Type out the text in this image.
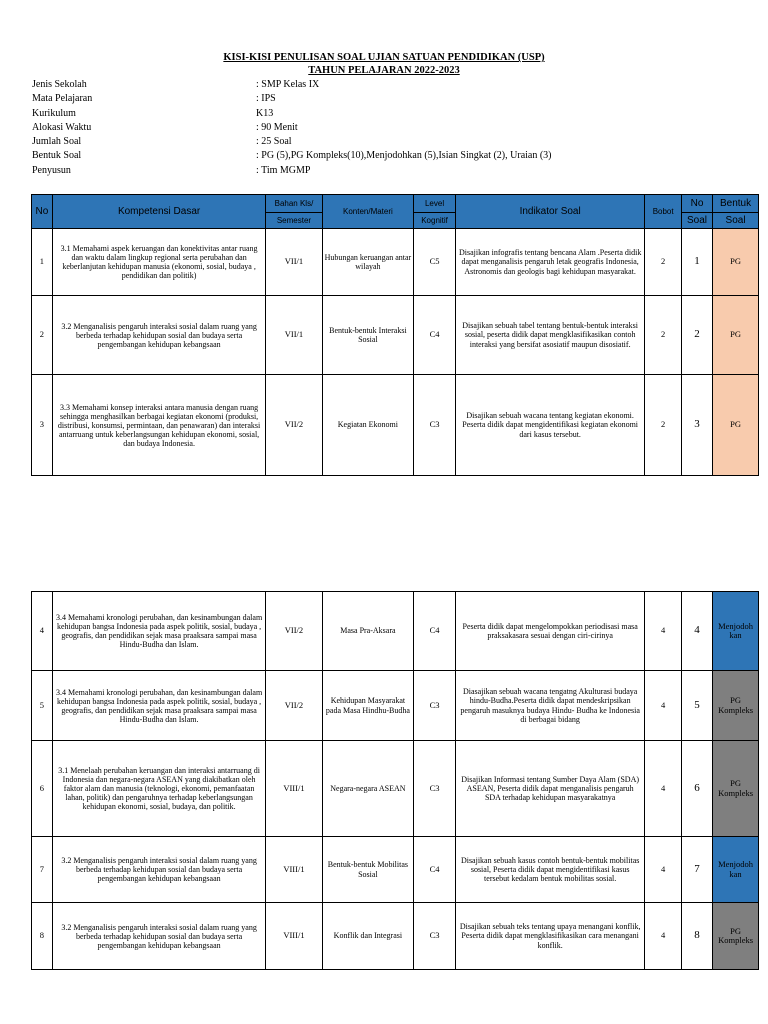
KISI-KISI PENULISAN SOAL UJIAN SATUAN PENDIDIKAN (USP)
TAHUN PELAJARAN 2022-2023
Jenis Sekolah	: SMP Kelas IX
Mata Pelajaran	: IPS
Kurikulum	K13
Alokasi Waktu	: 90 Menit
Jumlah Soal	: 25 Soal
Bentuk Soal	: PG (5),PG Kompleks(10),Menjodohkan (5),Isian Singkat (2), Uraian (3)
Penyusun	: Tim MGMP
No	Kompetensi Dasar	Bahan Kls/	Konten/Materi	Level	Indikator Soal	Bobot	No	Bentuk
		Semester		Kognitif			Soal	Soal
1	3.1 Memahami aspek keruangan dan konektivitas antar ruang dan waktu dalam lingkup regional serta perubahan dan keberlanjutan kehidupan manusia (ekonomi, sosial, budaya , pendidikan dan politik)	VII/1	Hubungan keruangan antar wilayah	C5	Disajikan infografis tentang bencana Alam .Peserta didik dapat menganalisis pengaruh letak geografis Indonesia, Astronomis dan geologis bagi kehidupan masyarakat.	2	1	PG
2	3.2 Menganalisis pengaruh interaksi sosial dalam ruang yang berbeda terhadap kehidupan sosial dan budaya serta pengembangan kehidupan kebangsaan	VII/1	Bentuk-bentuk Interaksi Sosial	C4	Disajikan sebuah tabel tentang bentuk-bentuk interaksi sosial, peserta didik dapat mengklasifikasikan contoh interaksi yang bersifat asosiatif maupun disosiatif.	2	2	PG
3	3.3 Memahami konsep interaksi antara manusia dengan ruang sehingga menghasilkan berbagai kegiatan ekonomi (produksi, distribusi, konsumsi, permintaan, dan penawaran) dan interaksi antarruang untuk keberlangsungan kehidupan ekonomi, sosial, dan budaya Indonesia.	VII/2	Kegiatan Ekonomi	C3	Disajikan sebuah wacana tentang kegiatan ekonomi. Peserta didik dapat mengidentifikasi kegiatan ekonomi dari kasus tersebut.	2	3	PG
4	3.4 Memahami kronologi perubahan, dan kesinambungan dalam kehidupan bangsa Indonesia pada aspek politik, sosial, budaya , geografis, dan pendidikan sejak masa praaksara sampai masa Hindu-Budha dan Islam.	VII/2	Masa Pra-Aksara	C4	Peserta didik dapat mengelompokkan periodisasi masa praksakasara sesuai dengan ciri-cirinya	4	4	Menjodoh kan
5	3.4 Memahami kronologi perubahan, dan kesinambungan dalam kehidupan bangsa Indonesia pada aspek politik, sosial, budaya , geografis, dan pendidikan sejak masa praaksara sampai masa Hindu-Budha dan Islam.	VII/2	Kehidupan Masyarakat pada Masa Hindhu-Budha	C3	Diasajikan sebuah wacana tengatng Akulturasi budaya hindu-Budha.Peserta didik dapat mendeskripsikan pengaruh masuknya budaya Hindu- Budha ke Indonesia di berbagai bidang	4	5	PG Kompleks
6	3.1 Menelaah perubahan keruangan dan interaksi antarruang di Indonesia dan negara-negara ASEAN yang diakibatkan oleh faktor alam dan manusia (teknologi, ekonomi, pemanfaatan lahan, politik) dan pengaruhnya terhadap keberlangsungan kehidupan ekonomi, sosial, budaya, dan politik.	VIII/1	Negara-negara ASEAN	C3	Disajikan Informasi tentang Sumber Daya Alam (SDA) ASEAN, Peserta didik dapat menganalisis pengaruh SDA terhadap kehidupan masyarakatnya	4	6	PG Kompleks
7	3.2 Menganalisis pengaruh interaksi sosial dalam ruang yang berbeda terhadap kehidupan sosial dan budaya serta pengembangan kehidupan kebangsaan	VIII/1	Bentuk-bentuk Mobilitas Sosial	C4	Disajikan sebuah kasus contoh bentuk-bentuk mobilitas sosial, Peserta didik dapat mengidentifikasi kasus tersebut kedalam bentuk mobilitas sosial.	4	7	Menjodoh kan
8	3.2 Menganalisis pengaruh interaksi sosial dalam ruang yang berbeda terhadap kehidupan sosial dan budaya serta pengembangan kehidupan kebangsaan	VIII/1	Konflik dan Integrasi	C3	Disajikan sebuah teks tentang upaya menangani konflik, Peserta didik dapat mengklasifikasikan cara menangani konflik.	4	8	PG Kompleks
